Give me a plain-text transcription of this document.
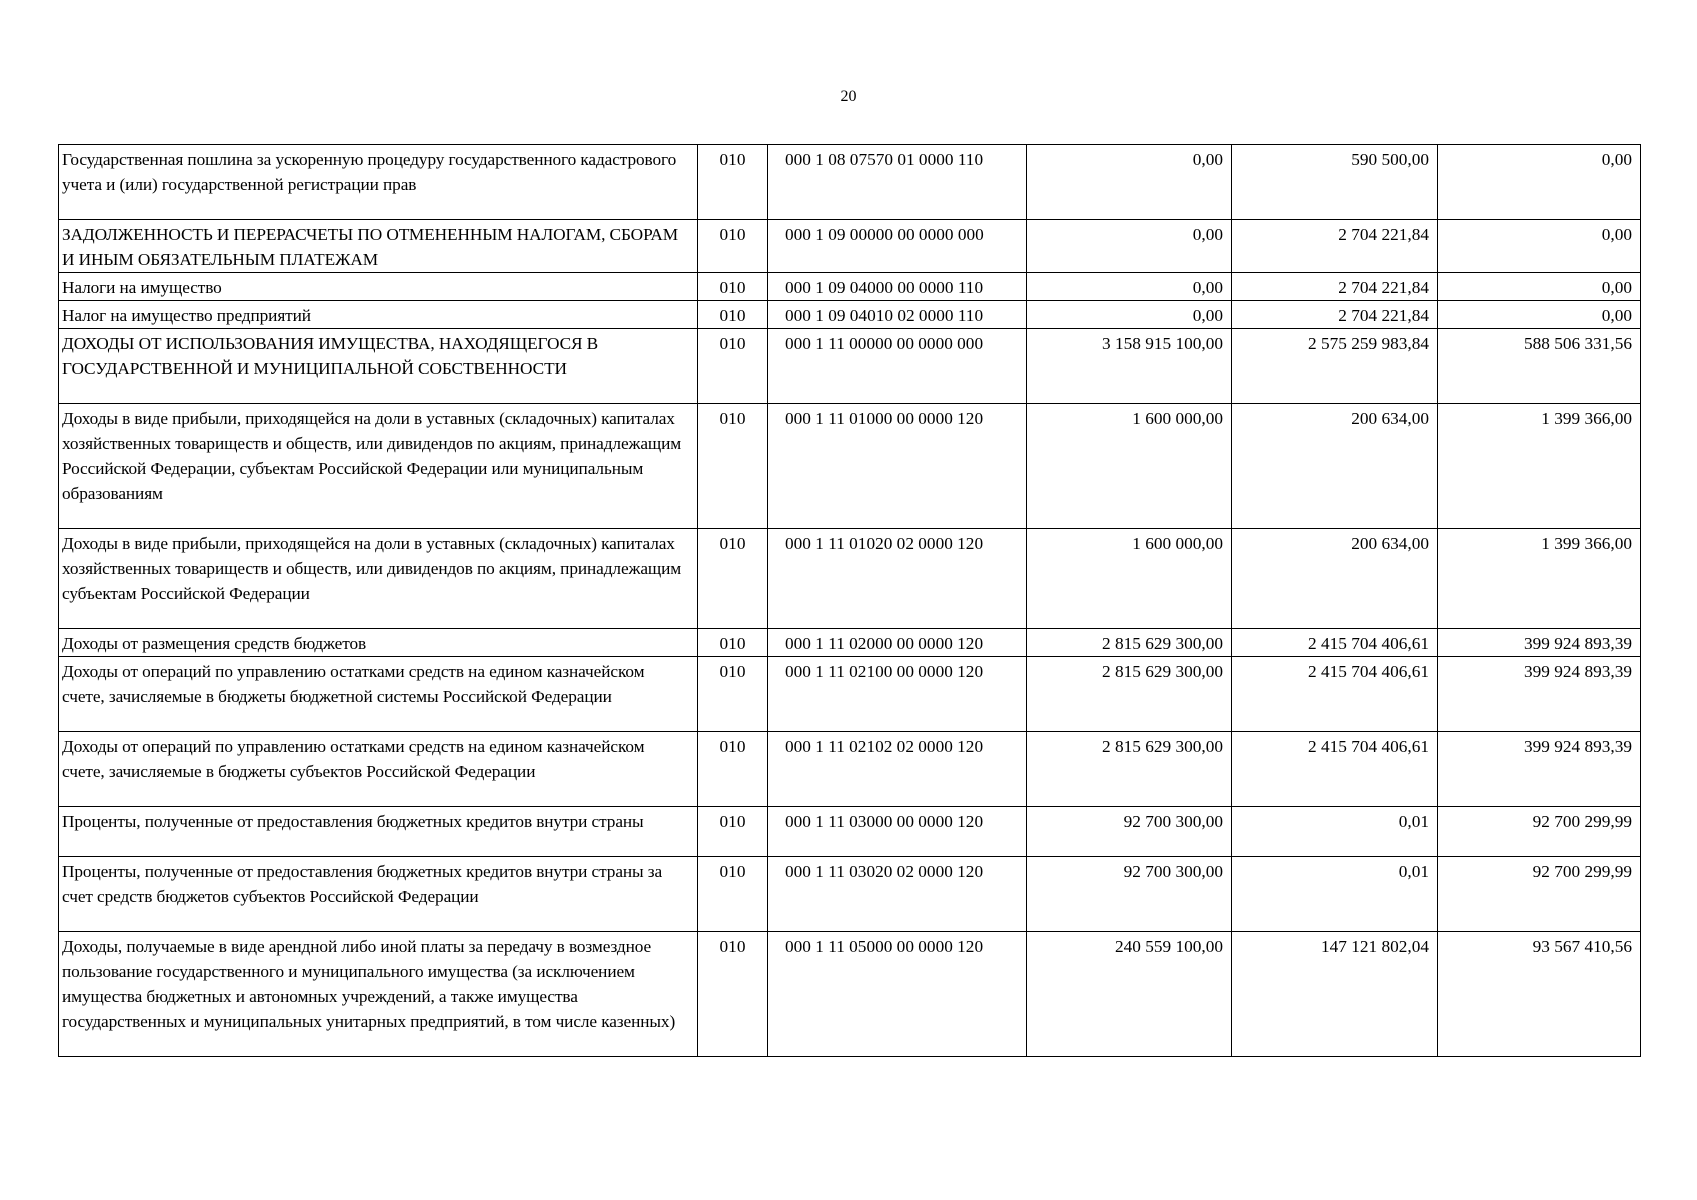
20
Государственная пошлина за ускоренную процедуру государственного кадастрового учета и (или) государственной регистрации прав	010	000 1 08 07570 01 0000 110	0,00	590 500,00	0,00
ЗАДОЛЖЕННОСТЬ И ПЕРЕРАСЧЕТЫ ПО ОТМЕНЕННЫМ НАЛОГАМ, СБОРАМ И ИНЫМ ОБЯЗАТЕЛЬНЫМ ПЛАТЕЖАМ	010	000 1 09 00000 00 0000 000	0,00	2 704 221,84	0,00
Налоги на имущество	010	000 1 09 04000 00 0000 110	0,00	2 704 221,84	0,00
Налог на имущество предприятий	010	000 1 09 04010 02 0000 110	0,00	2 704 221,84	0,00
ДОХОДЫ ОТ ИСПОЛЬЗОВАНИЯ ИМУЩЕСТВА, НАХОДЯЩЕГОСЯ В ГОСУДАРСТВЕННОЙ И МУНИЦИПАЛЬНОЙ СОБСТВЕННОСТИ	010	000 1 11 00000 00 0000 000	3 158 915 100,00	2 575 259 983,84	588 506 331,56
Доходы в виде прибыли, приходящейся на доли в уставных (складочных) капиталах хозяйственных товариществ и обществ, или дивидендов по акциям, принадлежащим Российской Федерации, субъектам Российской Федерации или муниципальным образованиям	010	000 1 11 01000 00 0000 120	1 600 000,00	200 634,00	1 399 366,00
Доходы в виде прибыли, приходящейся на доли в уставных (складочных) капиталах хозяйственных товариществ и обществ, или дивидендов по акциям, принадлежащим субъектам Российской Федерации	010	000 1 11 01020 02 0000 120	1 600 000,00	200 634,00	1 399 366,00
Доходы от размещения средств бюджетов	010	000 1 11 02000 00 0000 120	2 815 629 300,00	2 415 704 406,61	399 924 893,39
Доходы от операций по управлению остатками средств на едином казначейском счете, зачисляемые в бюджеты бюджетной системы Российской Федерации	010	000 1 11 02100 00 0000 120	2 815 629 300,00	2 415 704 406,61	399 924 893,39
Доходы от операций по управлению остатками средств на едином казначейском счете, зачисляемые в бюджеты субъектов Российской Федерации	010	000 1 11 02102 02 0000 120	2 815 629 300,00	2 415 704 406,61	399 924 893,39
Проценты, полученные от предоставления бюджетных кредитов внутри страны	010	000 1 11 03000 00 0000 120	92 700 300,00	0,01	92 700 299,99
Проценты, полученные от предоставления бюджетных кредитов внутри страны за счет средств бюджетов субъектов Российской Федерации	010	000 1 11 03020 02 0000 120	92 700 300,00	0,01	92 700 299,99
Доходы, получаемые в виде арендной либо иной платы за передачу в возмездное пользование государственного и муниципального имущества (за исключением имущества бюджетных и автономных учреждений, а также имущества государственных и муниципальных унитарных предприятий, в том числе казенных)	010	000 1 11 05000 00 0000 120	240 559 100,00	147 121 802,04	93 567 410,56
